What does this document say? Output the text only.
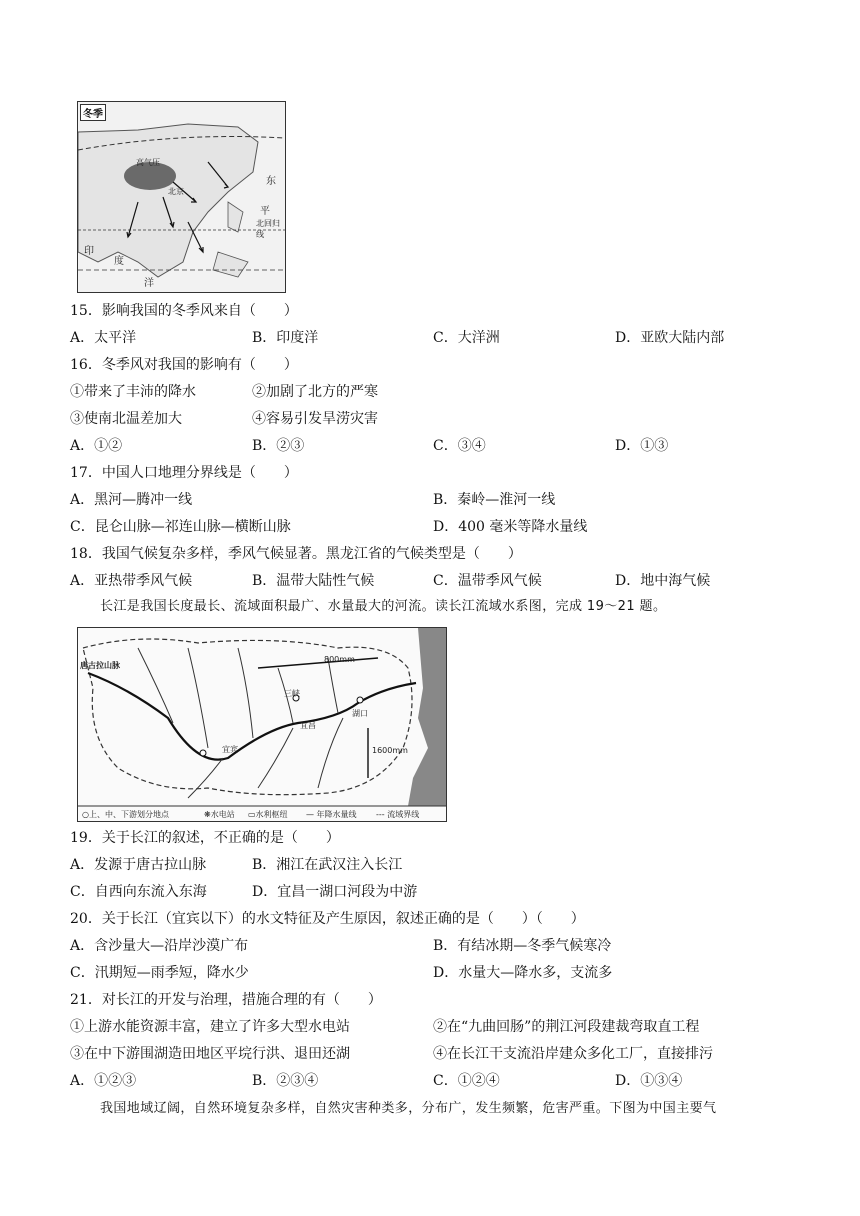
冬季
高气压
北京
北回归线
东
平
印
度
洋
15．影响我国的冬季风来自（　　）
A．太平洋	B．印度洋	C．大洋洲	D．亚欧大陆内部
16．冬季风对我国的影响有（　　）
①带来了丰沛的降水	②加剧了北方的严寒
③使南北温差加大	④容易引发旱涝灾害
A．①②	B．②③	C．③④	D．①③
17．中国人口地理分界线是（　　）
A．黑河—腾冲一线	B．秦岭—淮河一线
C．昆仑山脉—祁连山脉—横断山脉	D．400 毫米等降水量线
18．我国气候复杂多样，季风气候显著。黑龙江省的气候类型是（　　）
A．亚热带季风气候	B．温带大陆性气候	C．温带季风气候	D．地中海气候
长江是我国长度最长、流域面积最广、水量最大的河流。读长江流域水系图，完成 19～21 题。
唐古拉山脉
三峡
宜昌
湖口
宜宾
800mm
1600mm
○上、中、下游划分地点	❋水电站 ▭水利枢纽 — 年降水量线 --- 流域界线
19．关于长江的叙述，不正确的是（　　）
A．发源于唐古拉山脉	B．湘江在武汉注入长江
C．自西向东流入东海	D．宜昌一湖口河段为中游
20．关于长江（宜宾以下）的水文特征及产生原因，叙述正确的是（　　）（　　）
A．含沙量大—沿岸沙漠广布	B．有结冰期—冬季气候寒冷
C．汛期短—雨季短，降水少	D．水量大—降水多，支流多
21．对长江的开发与治理，措施合理的有（　　）
①上游水能资源丰富，建立了许多大型水电站	②在“九曲回肠”的荆江河段建裁弯取直工程
③在中下游围湖造田地区平垸行洪、退田还湖	④在长江干支流沿岸建众多化工厂，直接排污
A．①②③	B．②③④	C．①②④	D．①③④
我国地域辽阔，自然环境复杂多样，自然灾害种类多，分布广，发生频繁，危害严重。下图为中国主要气
